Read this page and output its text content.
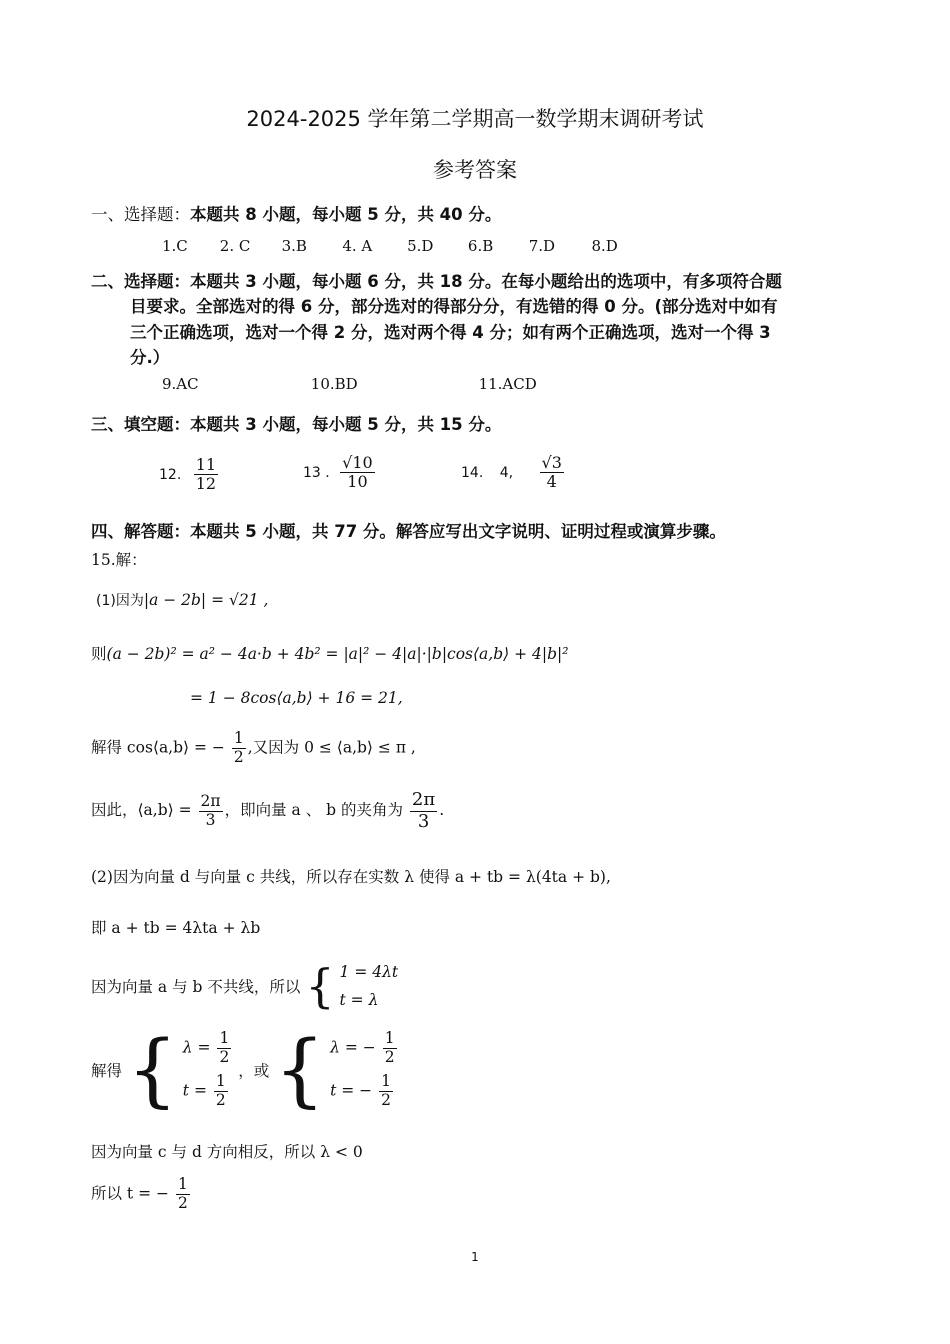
2024-2025 学年第二学期高一数学期末调研考试
参考答案
一、选择题：本题共 8 小题，每小题 5 分，共 40 分。
1.C 2. C 3.B 4. A 5.D 6.B 7.D 8.D
二、选择题：本题共 3 小题，每小题 6 分，共 18 分。在每小题给出的选项中，有多项符合题
目要求。全部选对的得 6 分，部分选对的得部分分，有选错的得 0 分。(部分选对中如有
三个正确选项，选对一个得 2 分，选对两个得 4 分；如有两个正确选项，选对一个得 3
分.）
9.AC	10.BD	11.ACD
三、填空题：本题共 3 小题，每小题 5 分，共 15 分。
12. $\frac{11}{12}$	13 . $\frac{√10}{10}$	14. 4, $\frac{√3}{4}$
四、解答题：本题共 5 小题，共 77 分。解答应写出文字说明、证明过程或演算步骤。
15.解：
(1)因为|a − 2b| = √21 ,
则(a − 2b)² = a² − 4a·b + 4b² = |a|² − 4|a|·|b|cos⟨a,b⟩ + 4|b|²
= 1 − 8cos⟨a,b⟩ + 16 = 21,
解得 cos⟨a,b⟩ = − $\frac{1}{2}$ ,又因为 0 ≤ ⟨a,b⟩ ≤ π ,
因此，⟨a,b⟩ = $\frac{2\pi}{3}$ ，即向量 a 、 b 的夹角为 $\frac{2\pi}{3}$ .
(2)因为向量 d 与向量 c 共线，所以存在实数 λ 使得 a + tb = λ(4ta + b),
即 a + tb = 4λta + λb
因为向量 a 与 b 不共线，所以 { 1 = 4λt
t = λ
解得 { $\lambda = \frac{1}{2}$
$t = \frac{1}{2}$
，或 { λ = − $\frac{1}{2}$
t = − $\frac{1}{2}$
因为向量 c 与 d 方向相反，所以 λ < 0
所以 t = − $\frac{1}{2}$
1
